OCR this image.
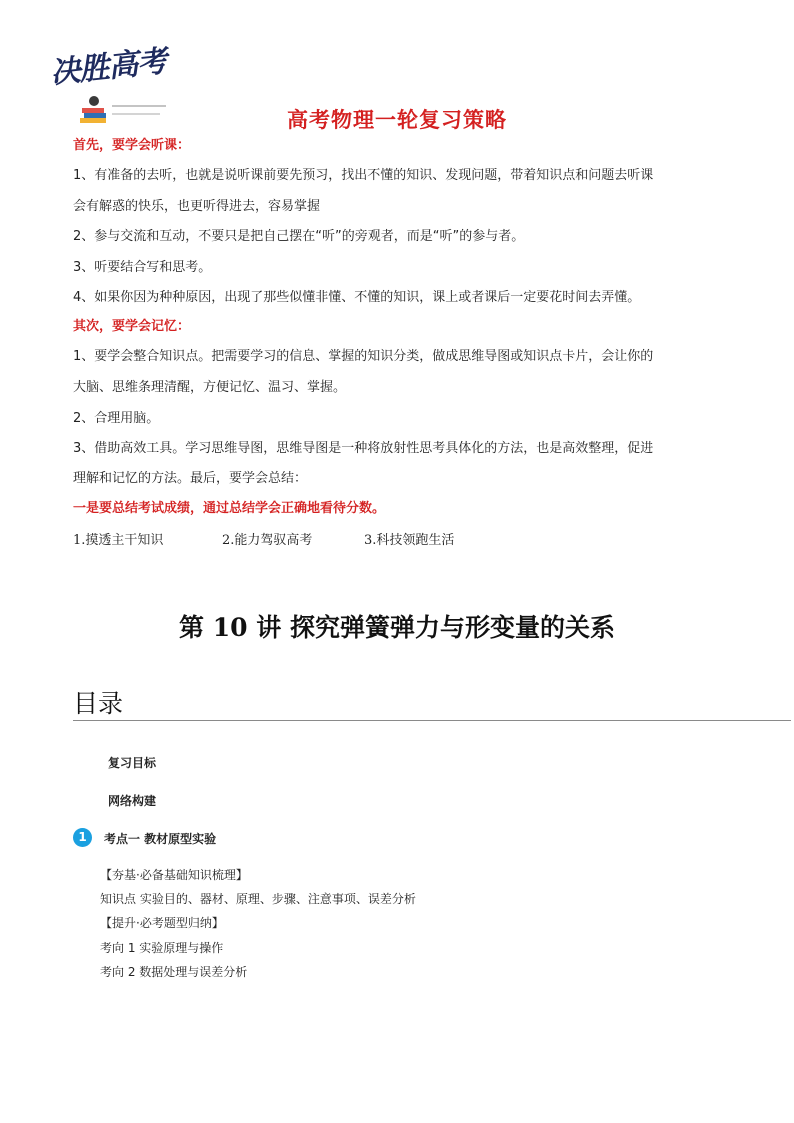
决胜高考
高考物理一轮复习策略
首先，要学会听课：
1、有准备的去听，也就是说听课前要先预习，找出不懂的知识、发现问题，带着知识点和问题去听课
会有解惑的快乐，也更听得进去，容易掌握
2、参与交流和互动，不要只是把自己摆在“听”的旁观者，而是“听”的参与者。
3、听要结合写和思考。
4、如果你因为种种原因，出现了那些似懂非懂、不懂的知识，课上或者课后一定要花时间去弄懂。
其次，要学会记忆：
1、要学会整合知识点。把需要学习的信息、掌握的知识分类，做成思维导图或知识点卡片，会让你的
大脑、思维条理清醒，方便记忆、温习、掌握。
2、合理用脑。
3、借助高效工具。学习思维导图，思维导图是一种将放射性思考具体化的方法，也是高效整理，促进
理解和记忆的方法。最后，要学会总结：
一是要总结考试成绩，通过总结学会正确地看待分数。
1.摸透主干知识	2.能力驾驭高考	3.科技领跑生活
第 10 讲 探究弹簧弹力与形变量的关系
目录
复习目标
网络构建
1	考点一 教材原型实验
【夯基·必备基础知识梳理】
知识点 实验目的、器材、原理、步骤、注意事项、误差分析
【提升·必考题型归纳】
考向 1 实验原理与操作
考向 2 数据处理与误差分析
